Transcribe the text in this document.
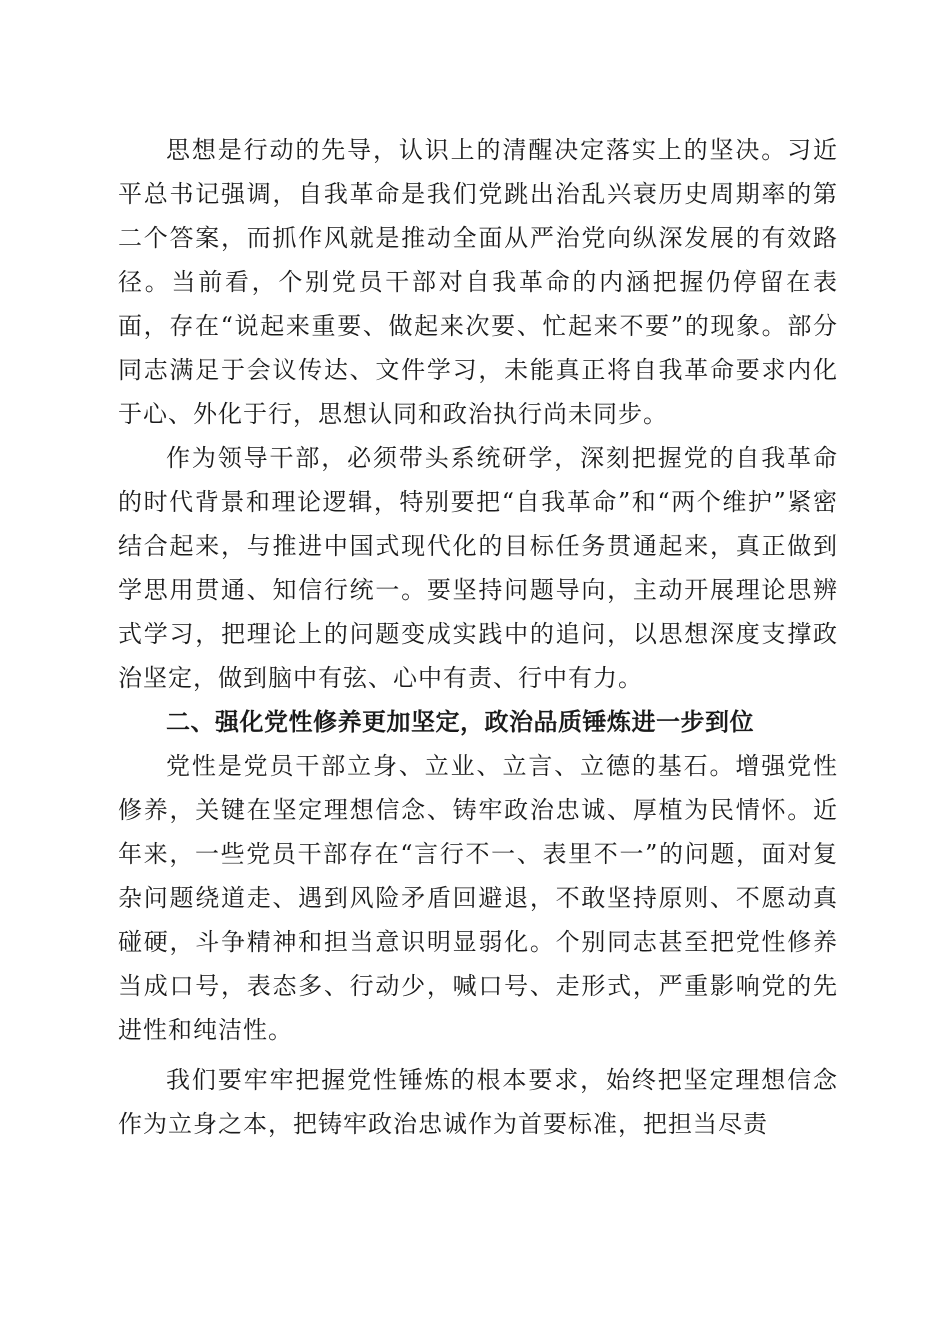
思想是行动的先导，认识上的清醒决定落实上的坚决。习近平总书记强调，自我革命是我们党跳出治乱兴衰历史周期率的第二个答案，而抓作风就是推动全面从严治党向纵深发展的有效路径。当前看，个别党员干部对自我革命的内涵把握仍停留在表面，存在“说起来重要、做起来次要、忙起来不要”的现象。部分同志满足于会议传达、文件学习，未能真正将自我革命要求内化于心、外化于行，思想认同和政治执行尚未同步。

作为领导干部，必须带头系统研学，深刻把握党的自我革命的时代背景和理论逻辑，特别要把“自我革命”和“两个维护”紧密结合起来，与推进中国式现代化的目标任务贯通起来，真正做到学思用贯通、知信行统一。要坚持问题导向，主动开展理论思辨式学习，把理论上的问题变成实践中的追问，以思想深度支撑政治坚定，做到脑中有弦、心中有责、行中有力。

二、强化党性修养更加坚定，政治品质锤炼进一步到位

党性是党员干部立身、立业、立言、立德的基石。增强党性修养，关键在坚定理想信念、铸牢政治忠诚、厚植为民情怀。近年来，一些党员干部存在“言行不一、表里不一”的问题，面对复杂问题绕道走、遇到风险矛盾回避退，不敢坚持原则、不愿动真碰硬，斗争精神和担当意识明显弱化。个别同志甚至把党性修养当成口号，表态多、行动少，喊口号、走形式，严重影响党的先进性和纯洁性。

我们要牢牢把握党性锤炼的根本要求，始终把坚定理想信念作为立身之本，把铸牢政治忠诚作为首要标准，把担当尽责
